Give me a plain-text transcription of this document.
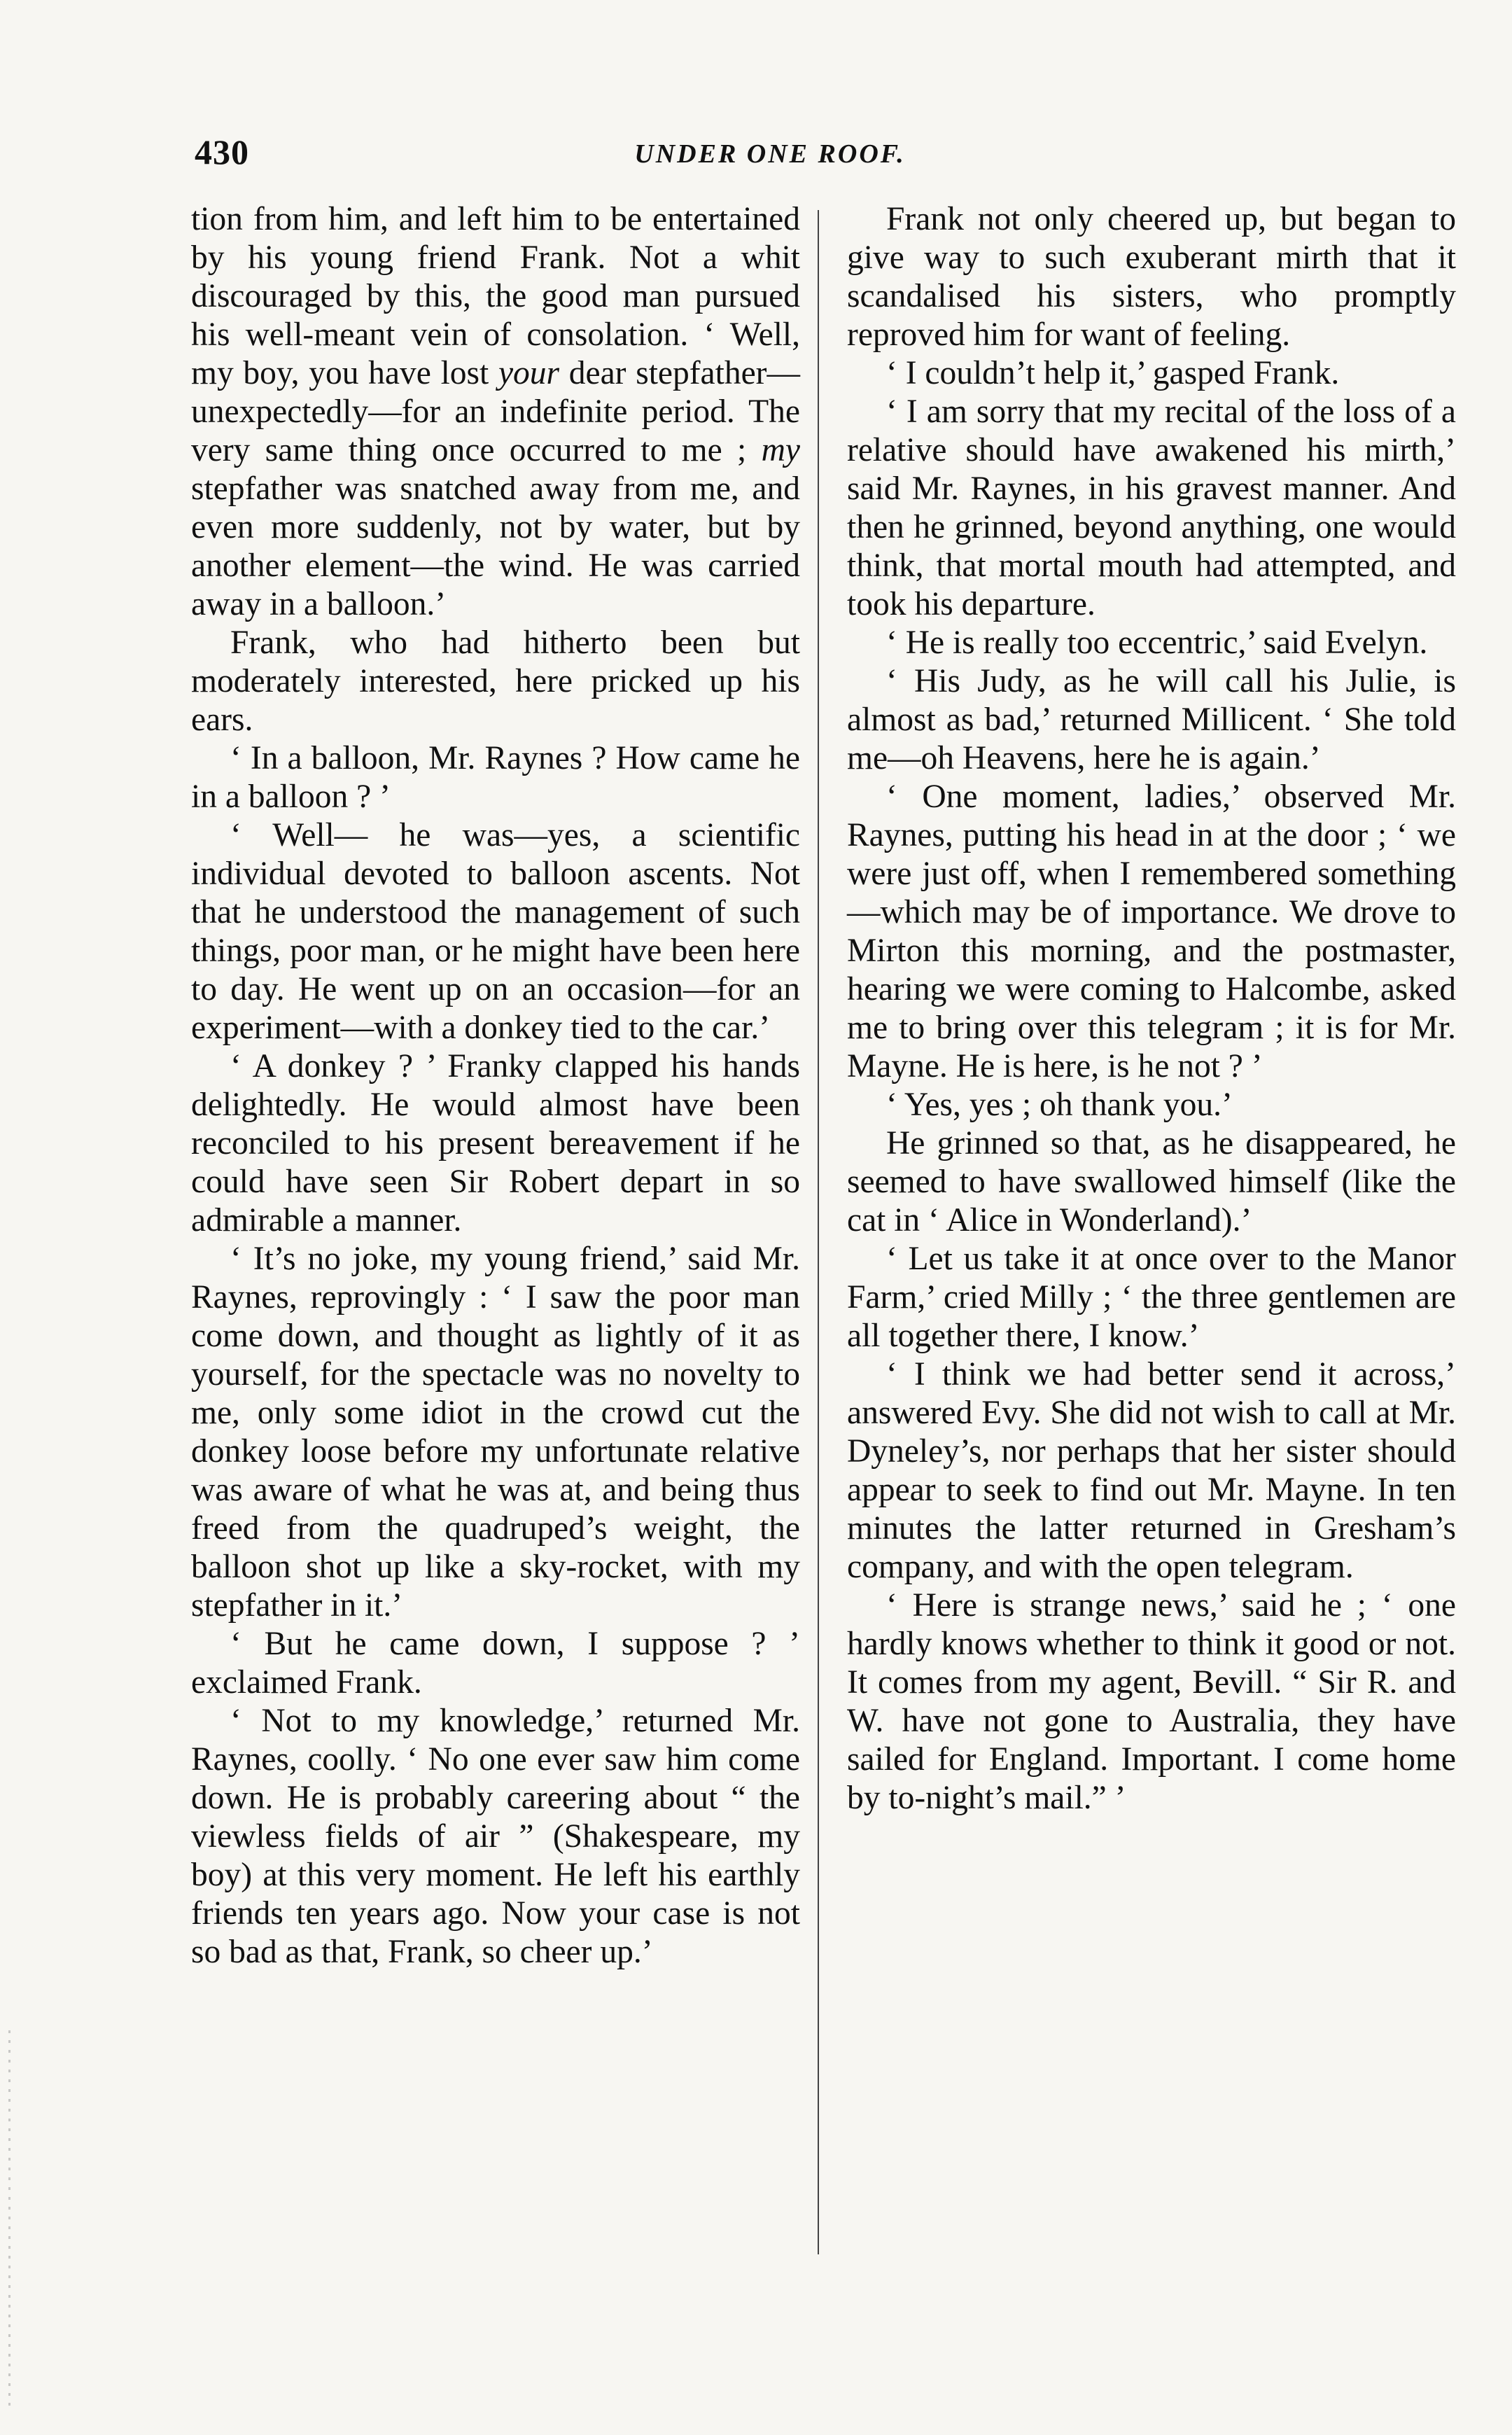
430	UNDER ONE ROOF.

tion from him, and left him to be entertained by his young friend Frank. Not a whit discouraged by this, the good man pursued his well-meant vein of consolation. ‘ Well, my boy, you have lost your dear stepfather—unexpectedly—for an indefinite period. The very same thing once occurred to me ; my stepfather was snatched away from me, and even more suddenly, not by water, but by another element—the wind. He was carried away in a balloon.’

Frank, who had hitherto been but moderately interested, here pricked up his ears.

‘ In a balloon, Mr. Raynes ? How came he in a balloon ? ’

‘ Well— he was—yes, a scientific individual devoted to balloon ascents. Not that he understood the management of such things, poor man, or he might have been here to day. He went up on an occasion—for an experiment—with a donkey tied to the car.’

‘ A donkey ? ’ Franky clapped his hands delightedly. He would almost have been reconciled to his present bereavement if he could have seen Sir Robert depart in so admirable a manner.

‘ It’s no joke, my young friend,’ said Mr. Raynes, reprovingly : ‘ I saw the poor man come down, and thought as lightly of it as yourself, for the spectacle was no novelty to me, only some idiot in the crowd cut the donkey loose before my unfortunate relative was aware of what he was at, and being thus freed from the quadruped’s weight, the balloon shot up like a sky-rocket, with my stepfather in it.’

‘ But he came down, I suppose ? ’ exclaimed Frank.

‘ Not to my knowledge,’ returned Mr. Raynes, coolly. ‘ No one ever saw him come down. He is probably careering about “ the viewless fields of air ” (Shakespeare, my boy) at this very moment. He left his earthly friends ten years ago. Now your case is not so bad as that, Frank, so cheer up.’

Frank not only cheered up, but began to give way to such exuberant mirth that it scandalised his sisters, who promptly reproved him for want of feeling.

‘ I couldn’t help it,’ gasped Frank.

‘ I am sorry that my recital of the loss of a relative should have awakened his mirth,’ said Mr. Raynes, in his gravest manner. And then he grinned, beyond anything, one would think, that mortal mouth had attempted, and took his departure.

‘ He is really too eccentric,’ said Evelyn.

‘ His Judy, as he will call his Julie, is almost as bad,’ returned Millicent. ‘ She told me—oh Heavens, here he is again.’

‘ One moment, ladies,’ observed Mr. Raynes, putting his head in at the door ; ‘ we were just off, when I remembered something—which may be of importance. We drove to Mirton this morning, and the postmaster, hearing we were coming to Halcombe, asked me to bring over this telegram ; it is for Mr. Mayne. He is here, is he not ? ’

‘ Yes, yes ; oh thank you.’

He grinned so that, as he disappeared, he seemed to have swallowed himself (like the cat in ‘ Alice in Wonderland).’

‘ Let us take it at once over to the Manor Farm,’ cried Milly ; ‘ the three gentlemen are all together there, I know.’

‘ I think we had better send it across,’ answered Evy. She did not wish to call at Mr. Dyneley’s, nor perhaps that her sister should appear to seek to find out Mr. Mayne. In ten minutes the latter returned in Gresham’s company, and with the open telegram.

‘ Here is strange news,’ said he ; ‘ one hardly knows whether to think it good or not. It comes from my agent, Bevill. “ Sir R. and W. have not gone to Australia, they have sailed for England. Important. I come home by to-night’s mail.” ’
